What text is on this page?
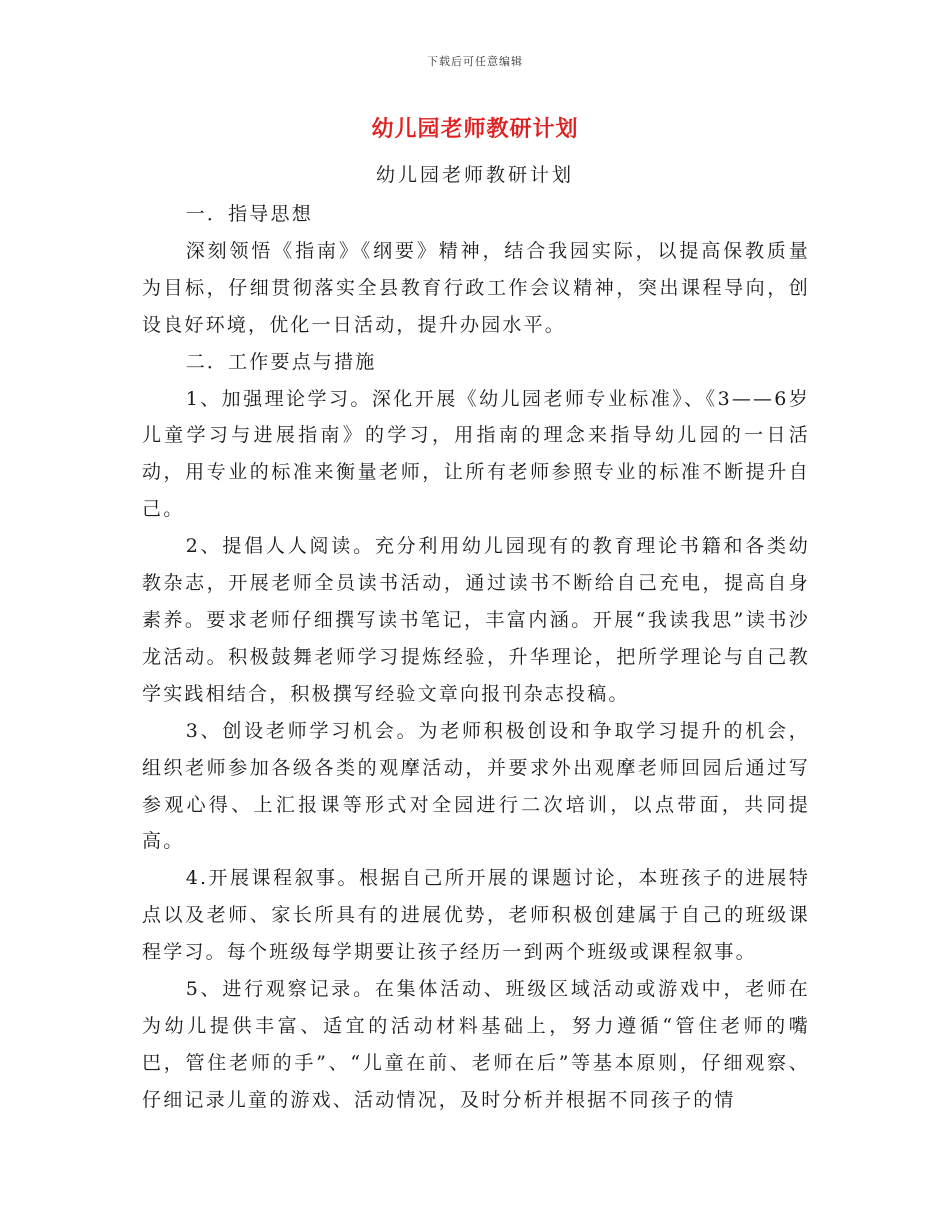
下载后可任意编辑
幼儿园老师教研计划
幼儿园老师教研计划

一．指导思想

深刻领悟《指南》《纲要》精神，结合我园实际，以提高保教质量为目标，仔细贯彻落实全县教育行政工作会议精神，突出课程导向，创设良好环境，优化一日活动，提升办园水平。

二．工作要点与措施

1、加强理论学习。深化开展《幼儿园老师专业标准》、《3——6岁儿童学习与进展指南》的学习，用指南的理念来指导幼儿园的一日活动，用专业的标准来衡量老师，让所有老师参照专业的标准不断提升自己。

2、提倡人人阅读。充分利用幼儿园现有的教育理论书籍和各类幼教杂志，开展老师全员读书活动，通过读书不断给自己充电，提高自身素养。要求老师仔细撰写读书笔记，丰富内涵。开展“我读我思”读书沙龙活动。积极鼓舞老师学习提炼经验，升华理论，把所学理论与自己教学实践相结合，积极撰写经验文章向报刊杂志投稿。

3、创设老师学习机会。为老师积极创设和争取学习提升的机会，组织老师参加各级各类的观摩活动，并要求外出观摩老师回园后通过写参观心得、上汇报课等形式对全园进行二次培训，以点带面，共同提高。

4.开展课程叙事。根据自己所开展的课题讨论，本班孩子的进展特点以及老师、家长所具有的进展优势，老师积极创建属于自己的班级课程学习。每个班级每学期要让孩子经历一到两个班级或课程叙事。

5、进行观察记录。在集体活动、班级区域活动或游戏中，老师在为幼儿提供丰富、适宜的活动材料基础上，努力遵循“管住老师的嘴巴，管住老师的手”、“儿童在前、老师在后”等基本原则，仔细观察、仔细记录儿童的游戏、活动情况，及时分析并根据不同孩子的情
